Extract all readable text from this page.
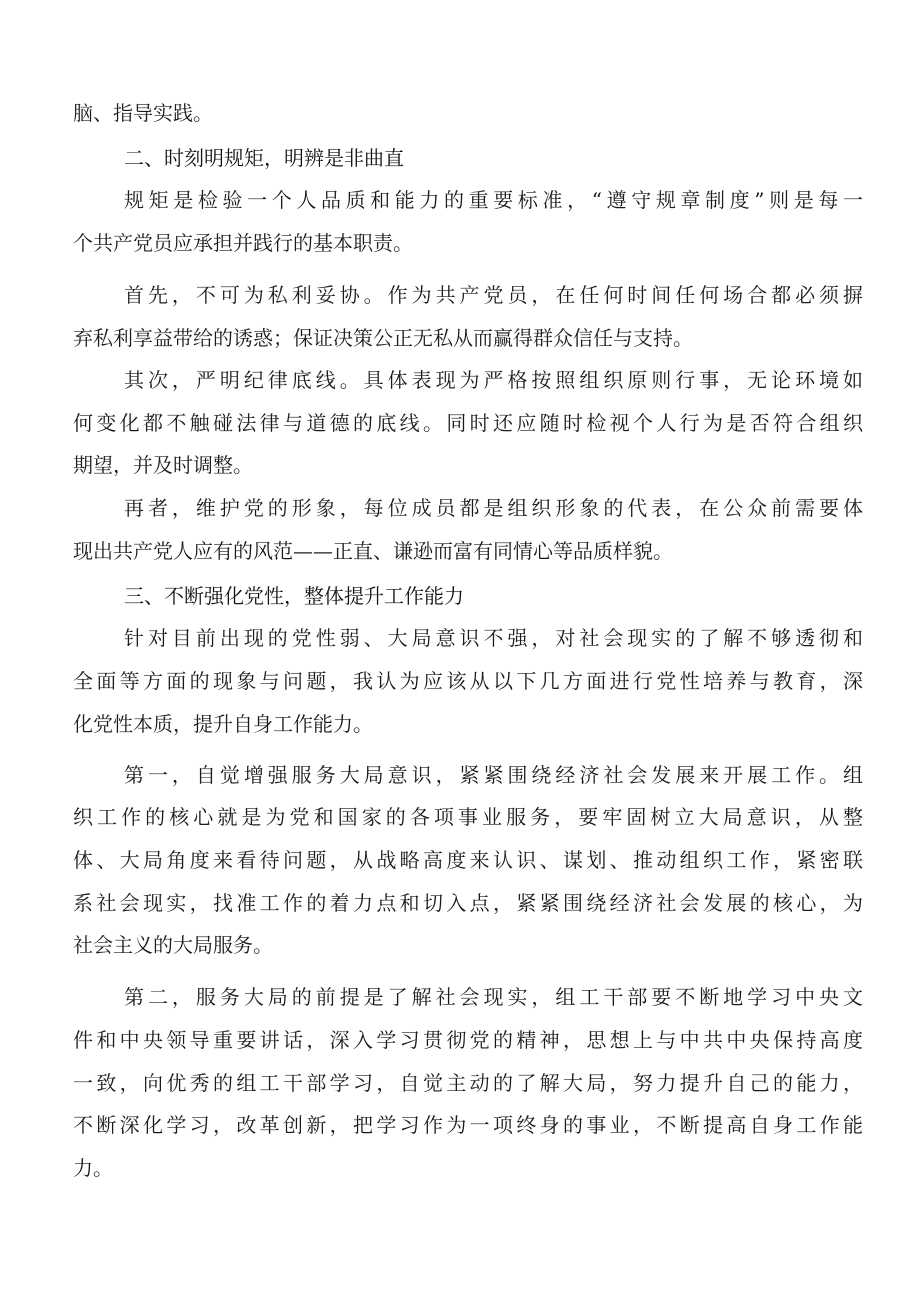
脑、指导实践。
二、时刻明规矩，明辨是非曲直
规矩是检验一个人品质和能力的重要标准，“遵守规章制度”则是每一
个共产党员应承担并践行的基本职责。
首先，不可为私利妥协。作为共产党员，在任何时间任何场合都必须摒
弃私利享益带给的诱惑；保证决策公正无私从而赢得群众信任与支持。
其次，严明纪律底线。具体表现为严格按照组织原则行事，无论环境如
何变化都不触碰法律与道德的底线。同时还应随时检视个人行为是否符合组织
期望，并及时调整。
再者，维护党的形象，每位成员都是组织形象的代表，在公众前需要体
现出共产党人应有的风范——正直、谦逊而富有同情心等品质样貌。
三、不断强化党性，整体提升工作能力
针对目前出现的党性弱、大局意识不强，对社会现实的了解不够透彻和
全面等方面的现象与问题，我认为应该从以下几方面进行党性培养与教育，深
化党性本质，提升自身工作能力。
第一，自觉增强服务大局意识，紧紧围绕经济社会发展来开展工作。组
织工作的核心就是为党和国家的各项事业服务，要牢固树立大局意识，从整
体、大局角度来看待问题，从战略高度来认识、谋划、推动组织工作，紧密联
系社会现实，找准工作的着力点和切入点，紧紧围绕经济社会发展的核心，为
社会主义的大局服务。
第二，服务大局的前提是了解社会现实，组工干部要不断地学习中央文
件和中央领导重要讲话，深入学习贯彻党的精神，思想上与中共中央保持高度
一致，向优秀的组工干部学习，自觉主动的了解大局，努力提升自己的能力，
不断深化学习，改革创新，把学习作为一项终身的事业，不断提高自身工作能
力。
